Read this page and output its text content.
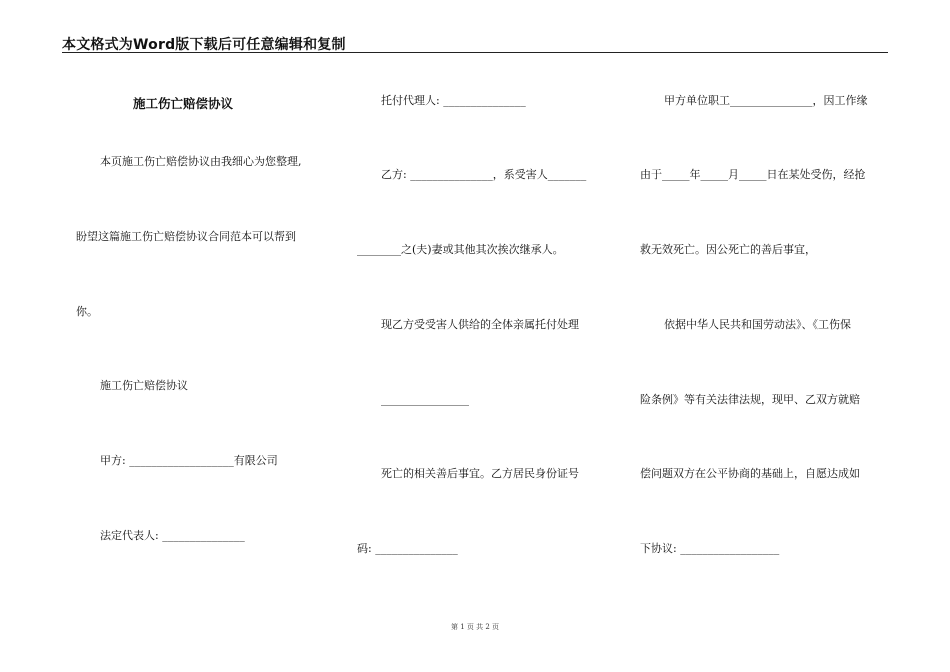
本文格式为Word版下载后可任意编辑和复制
施工伤亡赔偿协议
本页施工伤亡赔偿协议由我细心为您整理,
盼望这篇施工伤亡赔偿协议合同范本可以帮到
你。
施工伤亡赔偿协议
甲方: ___________________有限公司
法定代表人: _______________
托付代理人: _______________
乙方: _______________，系受害人_______
________之(夫)妻或其他其次挨次继承人。
现乙方受受害人供给的全体亲属托付处理
________________
死亡的相关善后事宜。乙方居民身份证号
码: _______________
甲方单位职工_______________，因工作缘
由于_____年_____月_____日在某处受伤，经抢
救无效死亡。因公死亡的善后事宜，
依据中华人民共和国劳动法》、《工伤保
险条例》等有关法律法规，现甲、乙双方就赔
偿问题双方在公平协商的基础上，自愿达成如
下协议: __________________
第 1 页 共 2 页
